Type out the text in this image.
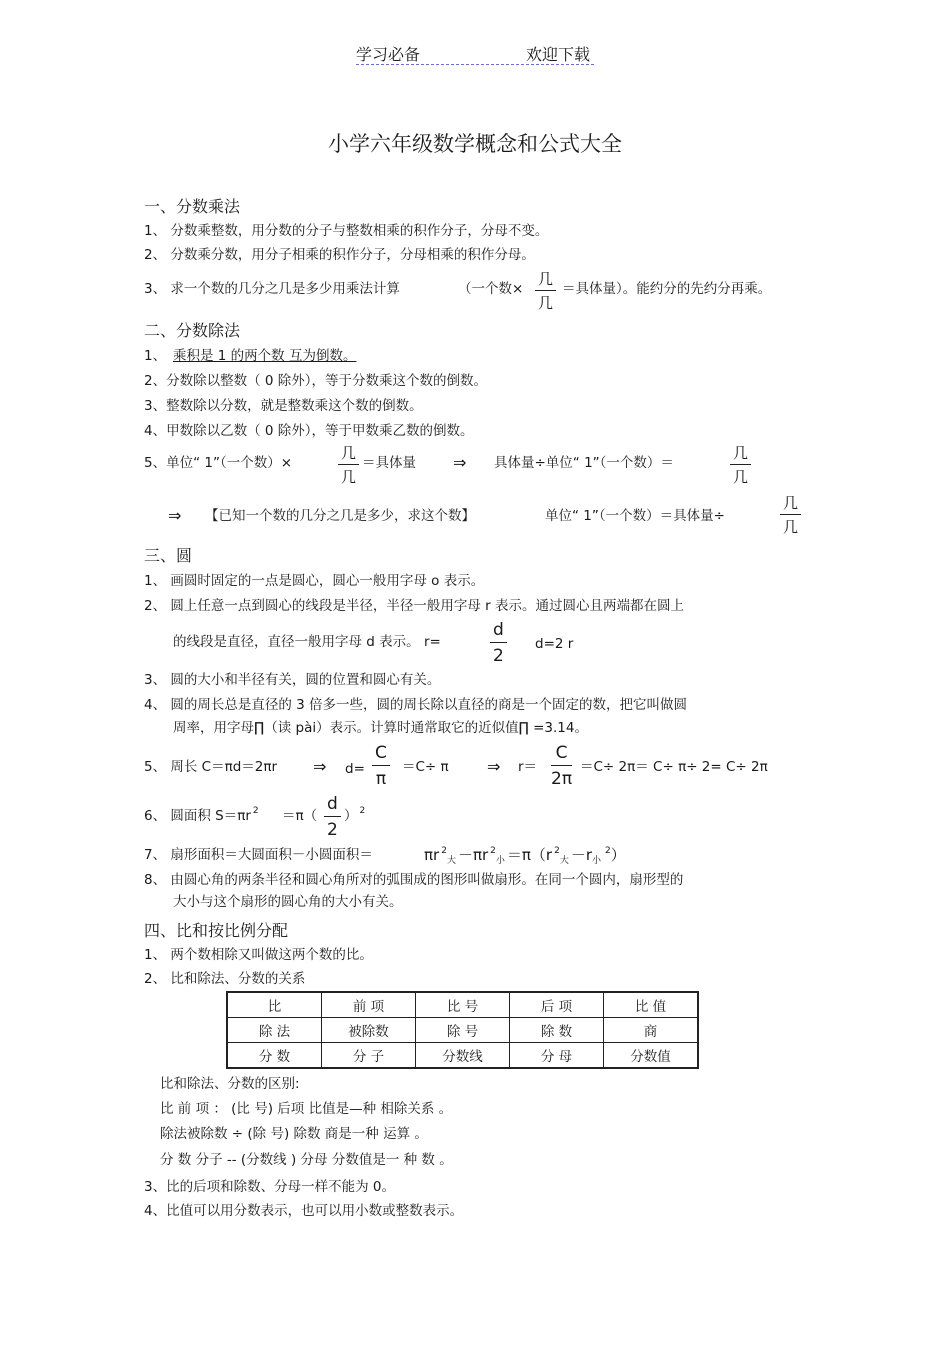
学习必备	欢迎下载
小学六年级数学概念和公式大全
一、分数乘法
1、 分数乘整数，用分数的分子与整数相乘的积作分子，分母不变。
2、 分数乘分数，用分子相乘的积作分子，分母相乘的积作分母。
3、 求一个数的几分之几是多少用乘法计算	（一个数×
几
几
＝具体量）。能约分的先约分再乘。
二、分数除法
1、 乘积是 1 的两个数 互为倒数。
2、分数除以整数（ 0 除外），等于分数乘这个数的倒数。
3、整数除以分数，就是整数乘这个数的倒数。
4、甲数除以乙数（ 0 除外），等于甲数乘乙数的倒数。
5、单位“ 1”（一个数）×
几
几
＝具体量 ⇒ 具体量÷单位“ 1”（一个数）＝
几
几
⇒ 【已知一个数的几分之几是多少，求这个数】	单位“ 1”（一个数）＝具体量÷
几
几
三、圆
1、 画圆时固定的一点是圆心，圆心一般用字母 o 表示。
2、 圆上任意一点到圆心的线段是半径，半径一般用字母 r 表示。通过圆心且两端都在圆上
的线段是直径，直径一般用字母 d 表示。 r=	$\frac{d}{2} d=2$ r
3、 圆的大小和半径有关，圆的位置和圆心有关。
4、 圆的周长总是直径的 3 倍多一些，圆的周长除以直径的商是一个固定的数，把它叫做圆
周率，用字母∏（读 pài）表示。计算时通常取它的近似值∏ =3.14。
5、 周长 C＝πd＝2πr ⇒ $d= \frac{C}{\pi} =C\div \pi$ ⇒ $r= \frac{C}{2\pi} =C\div 2\pi= C\div \pi\div 2= C\div 2\pi$
6、 圆面积 S＝πr $^2 =\pi( \frac{d}{2}$ ） $^2$
7、 扇形面积＝大圆面积－小圆面积＝	πr $^2_大$ －πr $^2_小$ ＝π（r $^2_大 -r_小^2$）
8、 由圆心角的两条半径和圆心角所对的弧围成的图形叫做扇形。在同一个圆内，扇形型的
大小与这个扇形的圆心角的大小有关。
四、比和按比例分配
1、 两个数相除又叫做这两个数的比。
2、 比和除法、分数的关系
比	前 项	比 号	后 项	比 值
除 法	被除数	除 号	除 数	商
分 数	分 子	分数线	分 母	分数值
比和除法、分数的区别:
比 前 项 ： (比 号) 后项 比值是—种 相除关系 。
除法被除数 ÷ (除 号) 除数 商是一种 运算 。
分 数 分子 -- (分数线 ) 分母 分数值是一 种 数 。
3、比的后项和除数、分母一样不能为 0。
4、比值可以用分数表示，也可以用小数或整数表示。
